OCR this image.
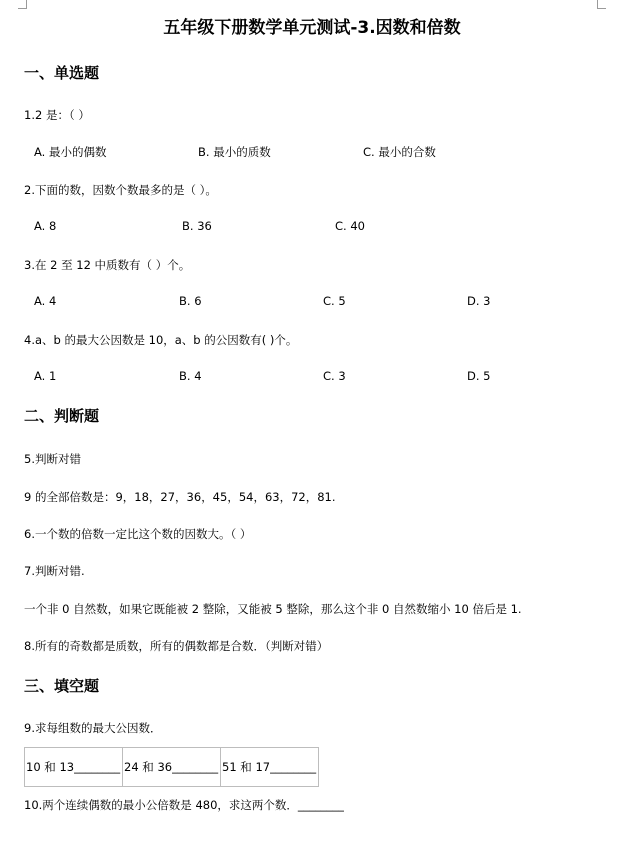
五年级下册数学单元测试-3.因数和倍数
一、单选题
1.2 是：（ ）
A. 最小的偶数	B. 最小的质数	C. 最小的合数
2.下面的数，因数个数最多的是（ ）。
A. 8	B. 36	C. 40
3.在 2 至 12 中质数有（ ）个。
A. 4	B. 6	C. 5	D. 3
4.a、b 的最大公因数是 10，a、b 的公因数有( )个。
A. 1	B. 4	C. 3	D. 5
二、判断题
5.判断对错
9 的全部倍数是：9，18，27，36，45，54，63，72，81.
6.一个数的倍数一定比这个数的因数大。（ ）
7.判断对错.
一个非 0 自然数，如果它既能被 2 整除，又能被 5 整除，那么这个非 0 自然数缩小 10 倍后是 1.
8.所有的奇数都是质数，所有的偶数都是合数．（判断对错）
三、填空题
9.求每组数的最大公因数．
10 和 13________	24 和 36________	51 和 17________
10.两个连续偶数的最小公倍数是 480，求这两个数．________
